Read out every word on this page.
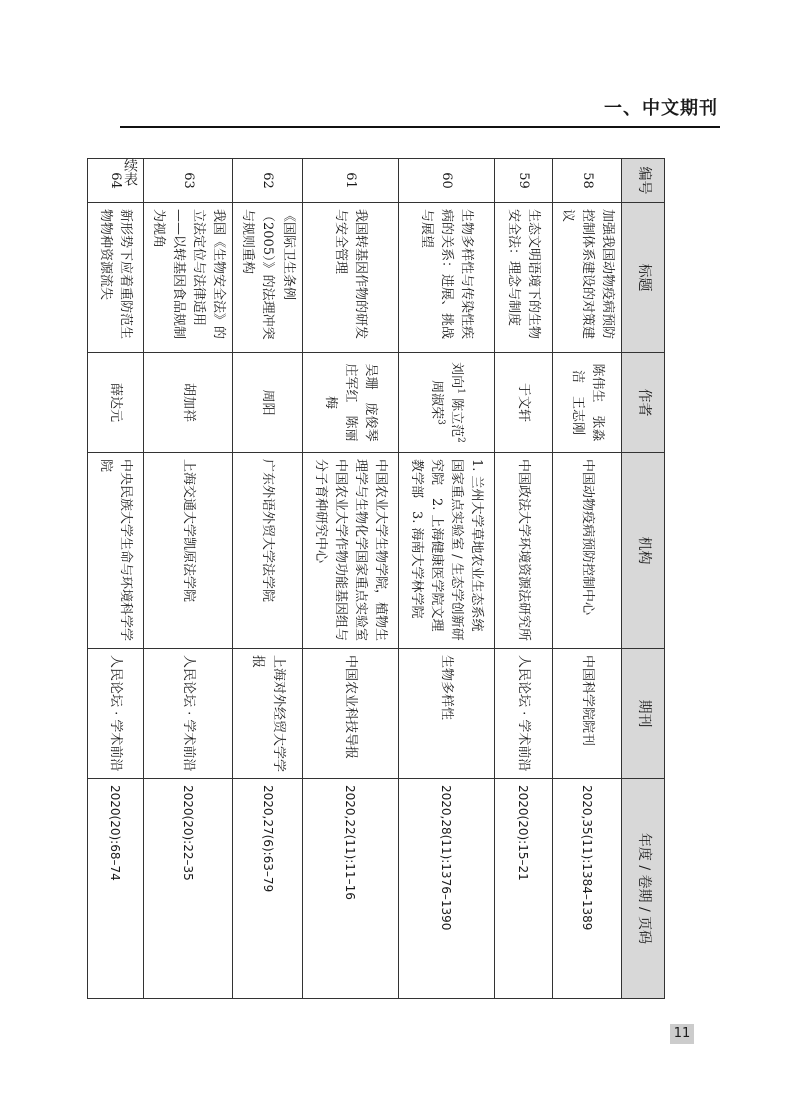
一、中文期刊
续表	编号	标题	作者	机构	期刊	年度 / 卷期 / 页码
58	加强我国动物疫病预防控制体系建设的对策建议	陈伟生　张淼洁　王志刚	中国动物疫病预防控制中心	中国科学院院刊	2020,35(11):1384–1389
59	生态文明语境下的生物安全法：理念与制度	于文轩	中国政法大学环境资源法研究所	人民论坛 · 学术前沿	2020(20):15–21
60	生物多样性与传染性疾病的关系：进展、挑战与展望	刘向$^1$ 陈立范$^2$ 周淑荣$^3$	1. 兰州大学草地农业生态系统国家重点实验室 / 生态学创新研究院　2. 上海健康医学院文理教学部　3. 海南大学林学院	生物多样性	2020,28(11):1376–1390
61	我国转基因作物的研发与安全管理	吴珊　庞俊琴　庄军红　陈丽梅	中国农业大学生物学院，植物生理学与生物化学国家重点实验室　中国农业大学作物功能基因组与分子育种研究中心	中国农业科技导报	2020,22(11):11–16
62	《国际卫生条例（2005）》的法理冲突与规则重构	周阳	广东外语外贸大学法学院	上海对外经贸大学学报	2020,27(6):63–79
63	我国《生物安全法》的立法定位与法律适用——以转基因食品规制为视角	胡加祥	上海交通大学凯原法学院	人民论坛 · 学术前沿	2020(20):22–35
64	新形势下应着重防范生物物种资源流失	薛达元	中央民族大学生命与环境科学学院	人民论坛 · 学术前沿	2020(20):68–74
11
